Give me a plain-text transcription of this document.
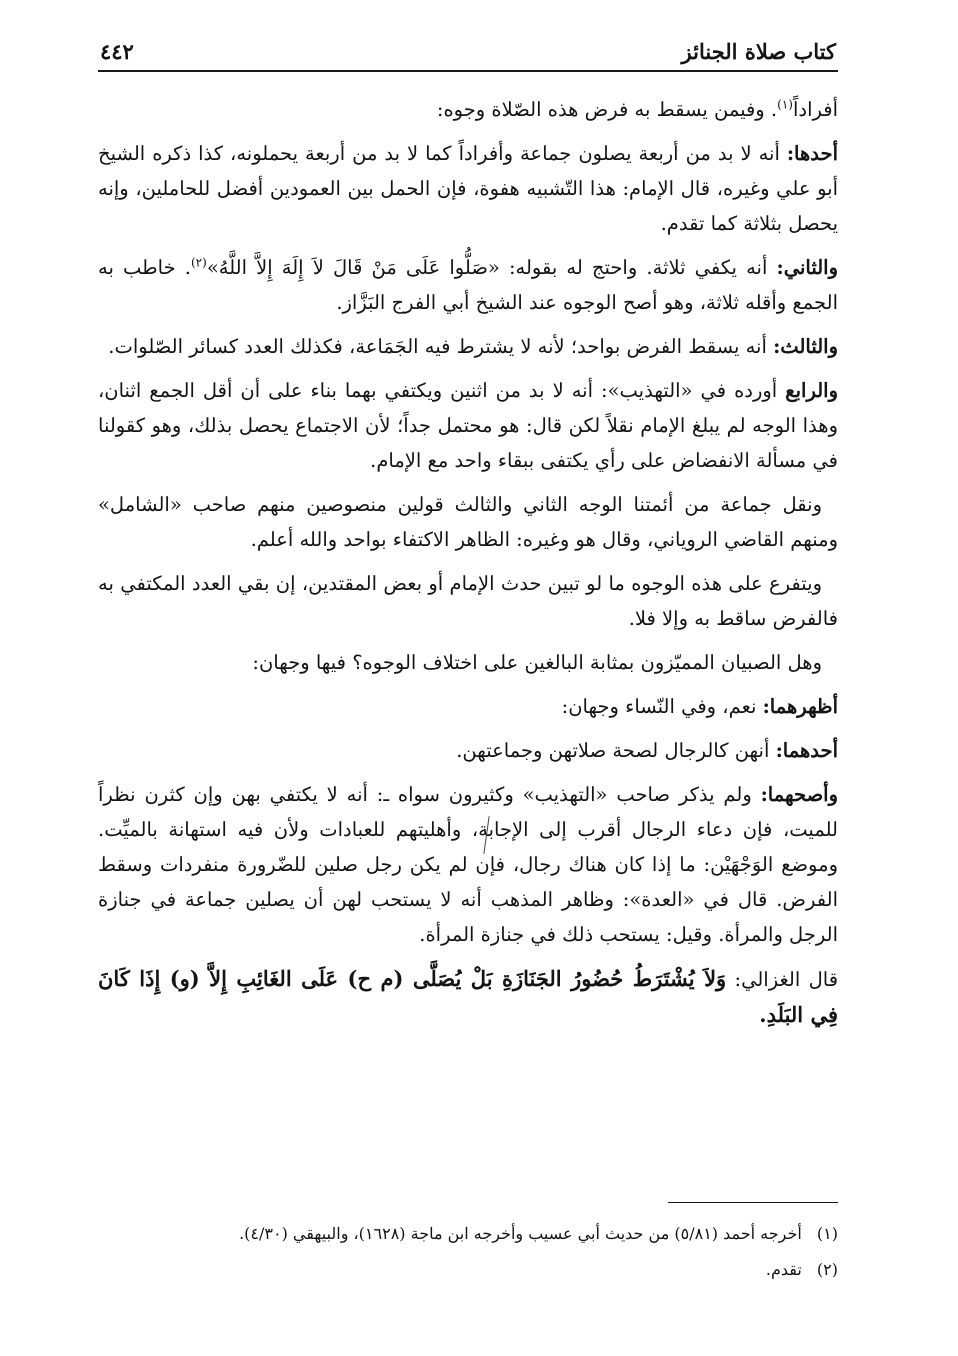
كتاب صلاة الجنائز
٤٤٢

أفراداً$^{(١)}$. وفيمن يسقط به فرض هذه الصّلاة وجوه:

أحدها: أنه لا بد من أربعة يصلون جماعة وأفراداً كما لا بد من أربعة يحملونه، كذا ذكره الشيخ أبو علي وغيره، قال الإمام: هذا التّشبيه هفوة، فإن الحمل بين العمودين أفضل للحاملين، وإنه يحصل بثلاثة كما تقدم.

والثاني: أنه يكفي ثلاثة. واحتج له بقوله: «صَلُّوا عَلَى مَنْ قَالَ لاَ إِلَهَ إِلاَّ اللَّهُ»$^{(٢)}$. خاطب به الجمع وأقله ثلاثة، وهو أصح الوجوه عند الشيخ أبي الفرج البَزَّاز.

والثالث: أنه يسقط الفرض بواحد؛ لأنه لا يشترط فيه الجَمَاعة، فكذلك العدد كسائر الصّلوات.

والرابع أورده في «التهذيب»: أنه لا بد من اثنين ويكتفي بهما بناء على أن أقل الجمع اثنان، وهذا الوجه لم يبلغ الإمام نقلاً لكن قال: هو محتمل جداً؛ لأن الاجتماع يحصل بذلك، وهو كقولنا في مسألة الانفضاض على رأي يكتفى ببقاء واحد مع الإمام.

ونقل جماعة من أئمتنا الوجه الثاني والثالث قولين منصوصين منهم صاحب «الشامل» ومنهم القاضي الروياني، وقال هو وغيره: الظاهر الاكتفاء بواحد والله أعلم.

ويتفرع على هذه الوجوه ما لو تبين حدث الإمام أو بعض المقتدين، إن بقي العدد المكتفي به فالفرض ساقط به وإلا فلا.

وهل الصبيان المميّزون بمثابة البالغين على اختلاف الوجوه؟ فيها وجهان:

أظهرهما: نعم، وفي النّساء وجهان:

أحدهما: أنهن كالرجال لصحة صلاتهن وجماعتهن.

وأصحهما: ولم يذكر صاحب «التهذيب» وكثيرون سواه ـ: أنه لا يكتفي بهن وإن كثرن نظراً للميت، فإن دعاء الرجال أقرب إلى الإجابة، وأهليتهم للعبادات ولأن فيه استهانة بالميِّت. وموضع الوَجْهَيْن: ما إذا كان هناك رجال، فإن لم يكن رجل صلين للضّرورة منفردات وسقط الفرض. قال في «العدة»: وظاهر المذهب أنه لا يستحب لهن أن يصلين جماعة في جنازة الرجل والمرأة. وقيل: يستحب ذلك في جنازة المرأة.

قال الغزالي: وَلاَ يُشْتَرَطُ حُضُورُ الجَنَازَةِ بَلْ يُصَلَّى (م ح) عَلَى الغَائِبِ إِلاَّ (و) إِذَا كَانَ فِي البَلَدِ.

(١) أخرجه أحمد (٥/٨١) من حديث أبي عسيب وأخرجه ابن ماجة (١٦٢٨)، والبيهقي (٤/٣٠).
(٢) تقدم.
